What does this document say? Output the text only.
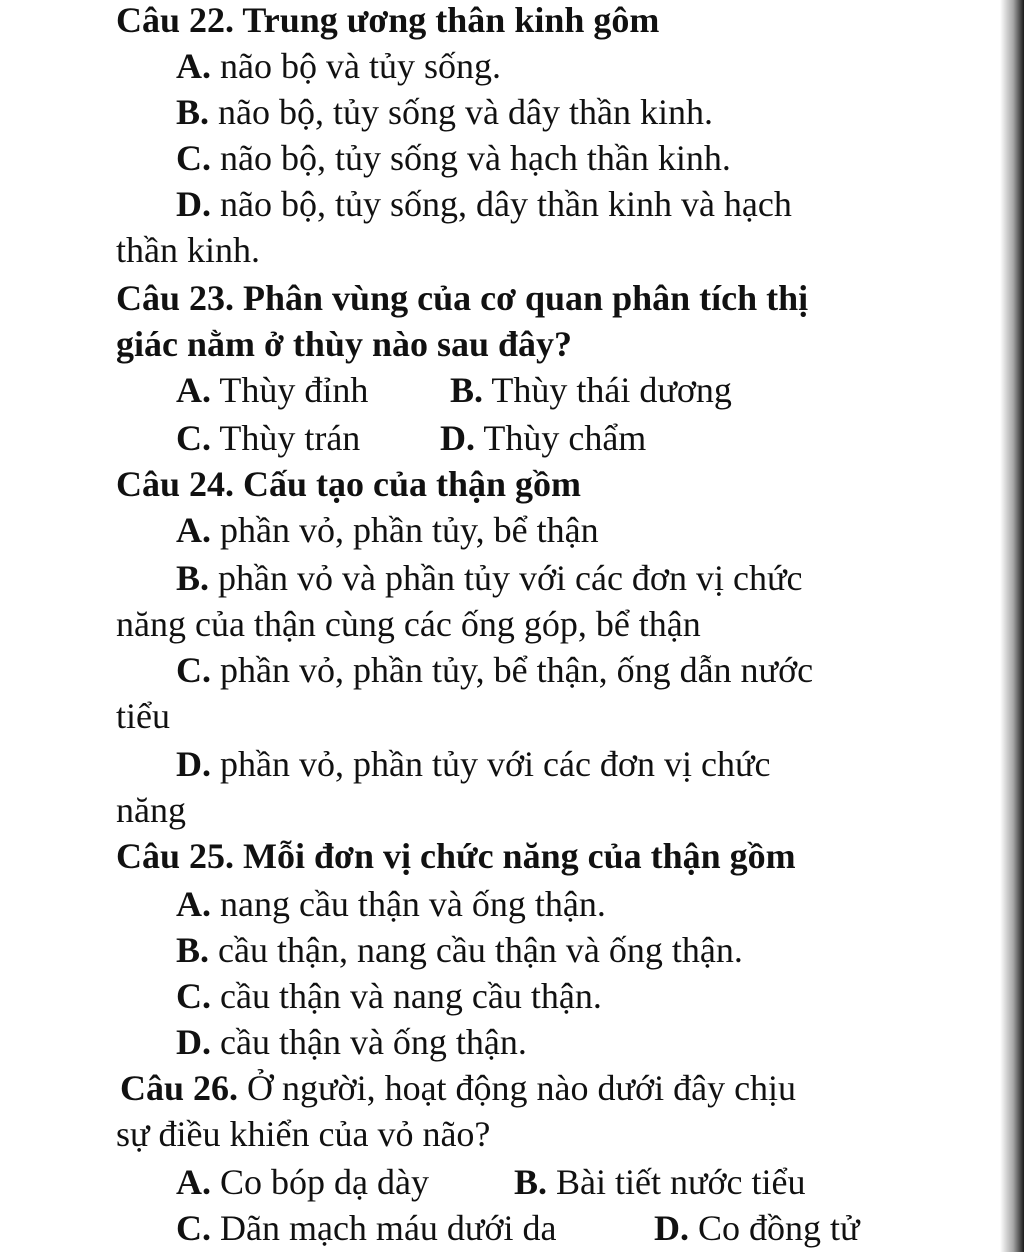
Câu 22. Trung ương thân kinh gôm
A. não bộ và tủy sống.
B. não bộ, tủy sống và dây thần kinh.
C. não bộ, tủy sống và hạch thần kinh.
D. não bộ, tủy sống, dây thần kinh và hạch
thần kinh.
Câu 23. Phân vùng của cơ quan phân tích thị
giác nằm ở thùy nào sau đây?
A. Thùy đỉnh B. Thùy thái dương
C. Thùy trán D. Thùy chẩm
Câu 24. Cấu tạo của thận gồm
A. phần vỏ, phần tủy, bể thận
B. phần vỏ và phần tủy với các đơn vị chức
năng của thận cùng các ống góp, bể thận
C. phần vỏ, phần tủy, bể thận, ống dẫn nước
tiểu
D. phần vỏ, phần tủy với các đơn vị chức
năng
Câu 25. Mỗi đơn vị chức năng của thận gồm
A. nang cầu thận và ống thận.
B. cầu thận, nang cầu thận và ống thận.
C. cầu thận và nang cầu thận.
D. cầu thận và ống thận.
Câu 26. Ở người, hoạt động nào dưới đây chịu
sự điều khiển của vỏ não?
A. Co bóp dạ dày B. Bài tiết nước tiểu
C. Dãn mạch máu dưới da	D. Co đồng tử
